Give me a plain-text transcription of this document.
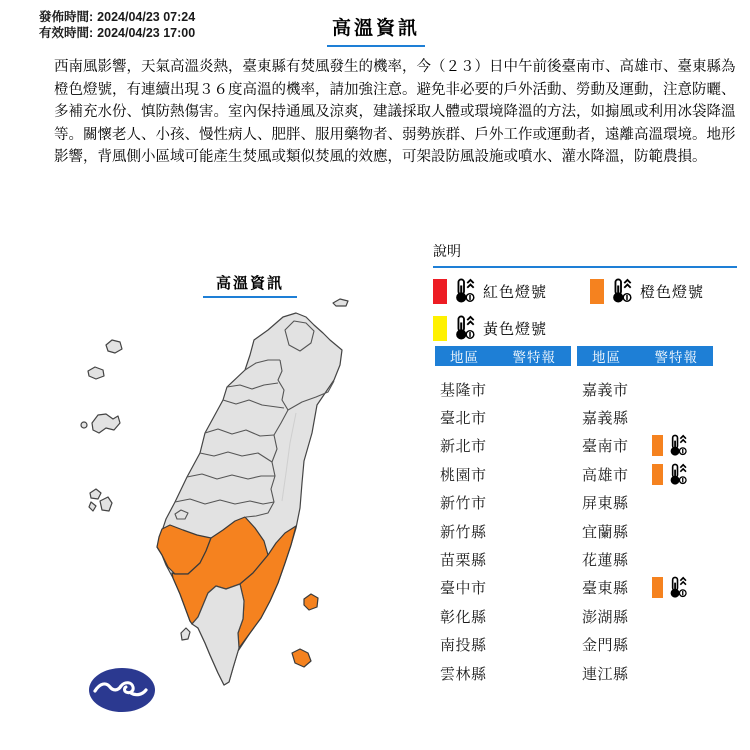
發佈時間: 2024/04/23 07:24
有效時間: 2024/04/23 17:00	高溫資訊
西南風影響，天氣高溫炎熱，臺東縣有焚風發生的機率，今（２３）日中午前後臺南市、高雄市、臺東縣為橙色燈號，有連續出現３６度高溫的機率，請加強注意。避免非必要的戶外活動、勞動及運動，注意防曬、多補充水份、慎防熱傷害。室內保持通風及涼爽，建議採取人體或環境降溫的方法，如搧風或利用冰袋降溫等。關懷老人、小孩、慢性病人、肥胖、服用藥物者、弱勢族群、戶外工作或運動者，遠離高溫環境。地形影響，背風側小區域可能產生焚風或類似焚風的效應，可架設防風設施或噴水、灌水降溫，防範農損。
高溫資訊
說明
紅色燈號	橙色燈號
黃色燈號
地區 警特報
基隆市
臺北市
新北市
桃園市
新竹市
新竹縣
苗栗縣
臺中市
彰化縣
南投縣
雲林縣
地區 警特報
嘉義市
嘉義縣
臺南市
高雄市
屏東縣
宜蘭縣
花蓮縣
臺東縣
澎湖縣
金門縣
連江縣
